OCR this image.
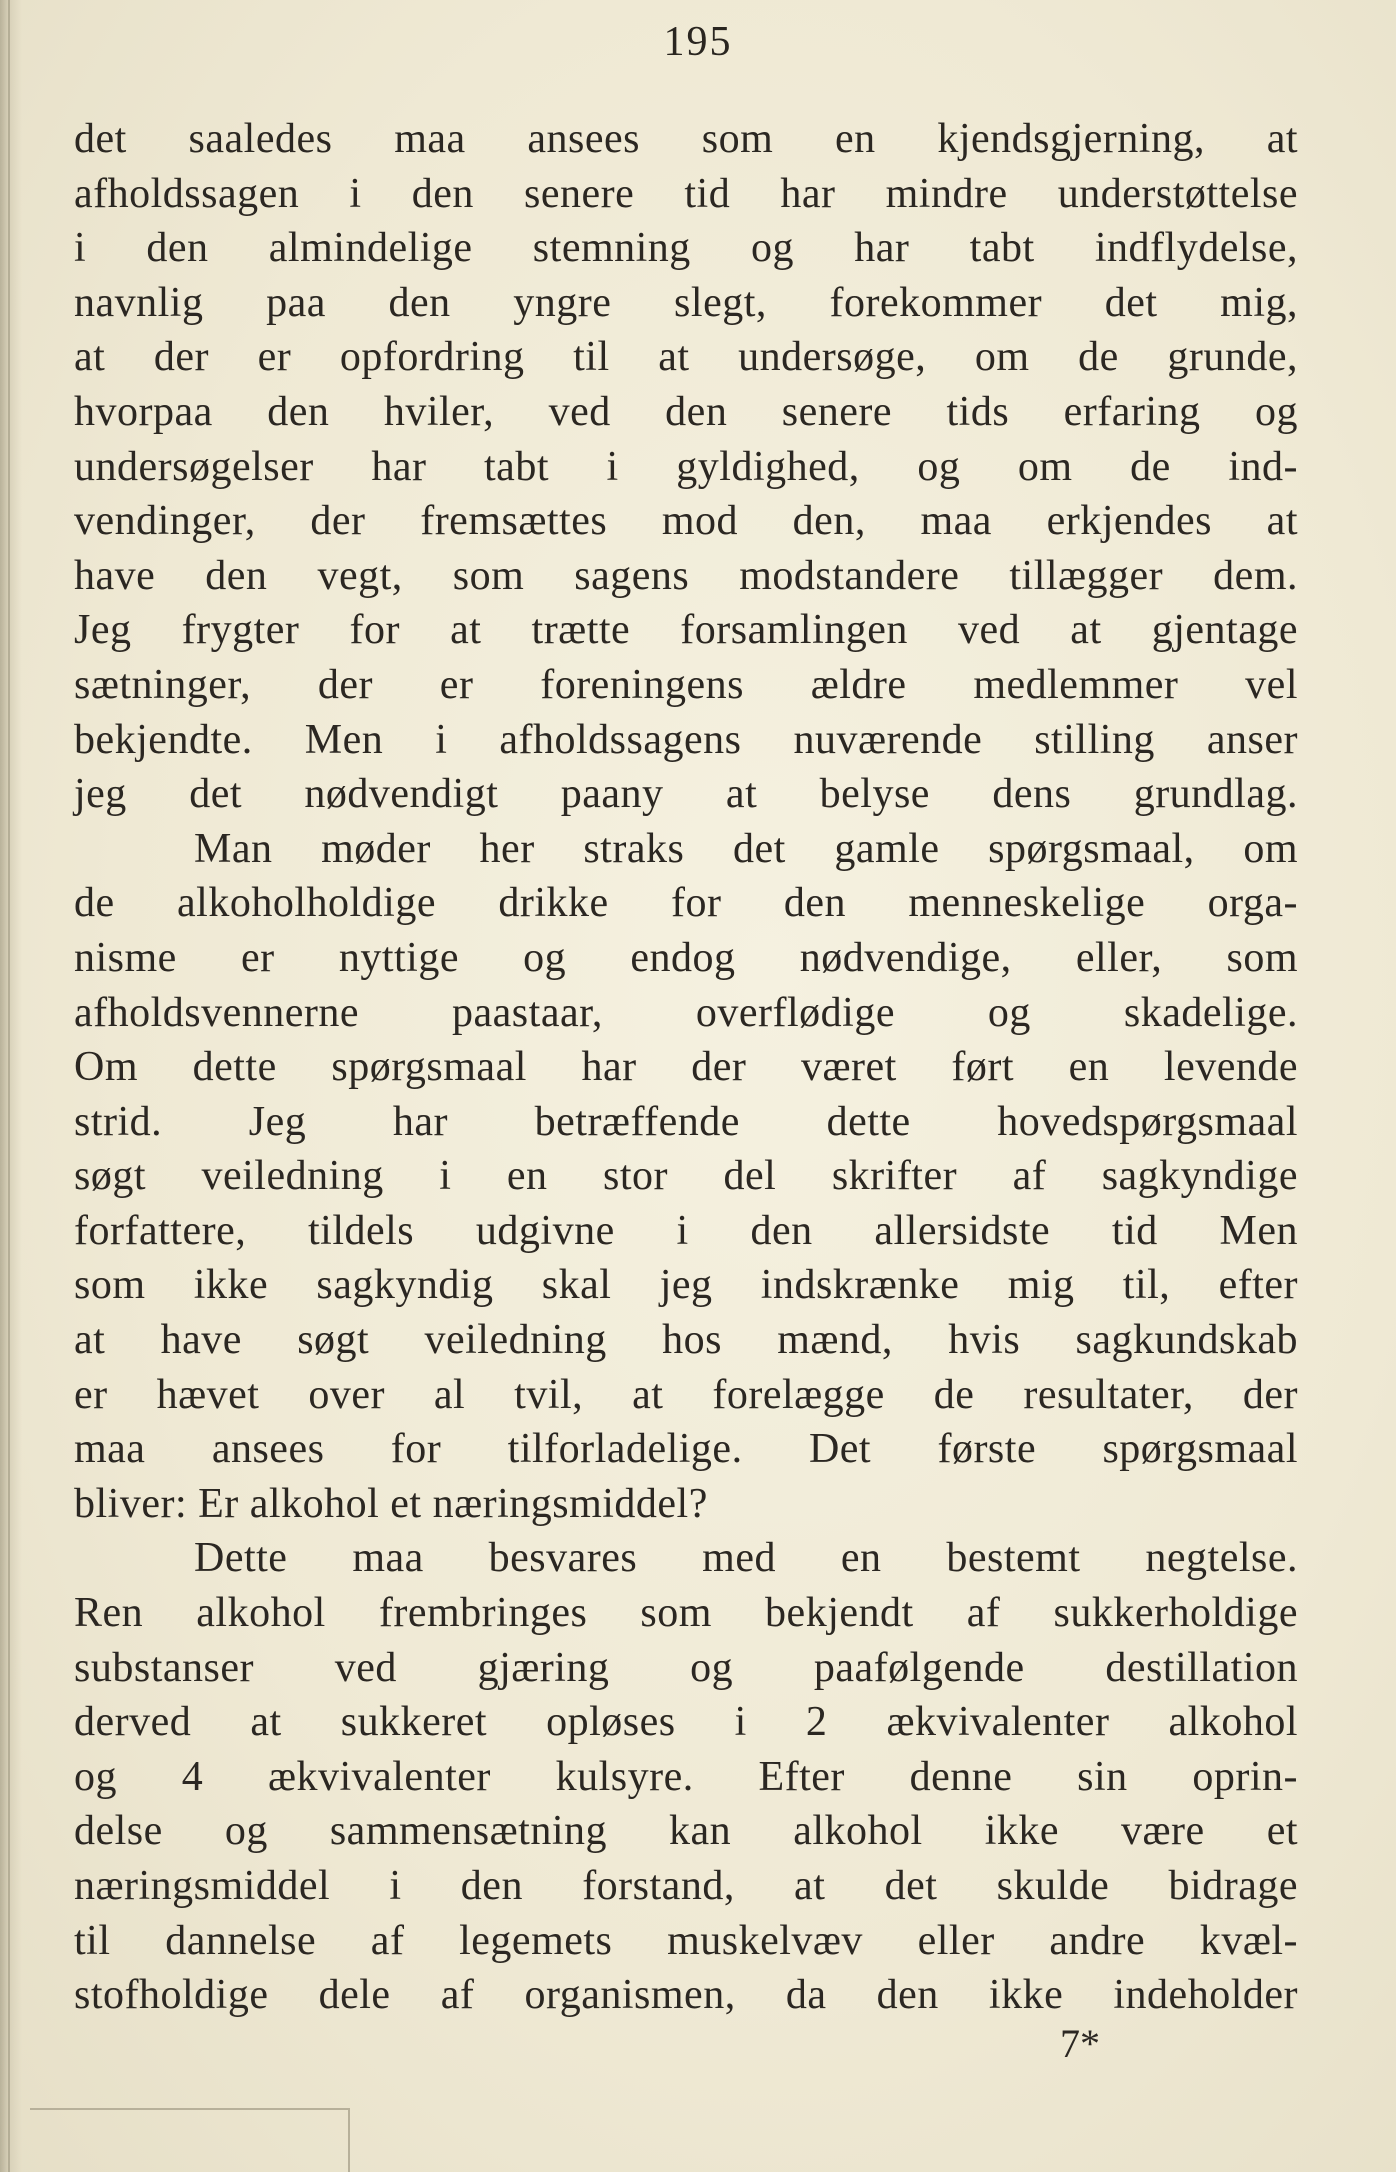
195
det saaledes maa ansees som en kjendsgjerning, at
afholdssagen i den senere tid har mindre understøttelse
i den almindelige stemning og har tabt indflydelse,
navnlig paa den yngre slegt, forekommer det mig,
at der er opfordring til at undersøge, om de grunde,
hvorpaa den hviler, ved den senere tids erfaring og
undersøgelser har tabt i gyldighed, og om de ind-
vendinger, der fremsættes mod den, maa erkjendes at
have den vegt, som sagens modstandere tillægger dem.
Jeg frygter for at trætte forsamlingen ved at gjentage
sætninger, der er foreningens ældre medlemmer vel
bekjendte. Men i afholdssagens nuværende stilling anser
jeg det nødvendigt paany at belyse dens grundlag.
Man møder her straks det gamle spørgsmaal, om
de alkoholholdige drikke for den menneskelige orga-
nisme er nyttige og endog nødvendige, eller, som
afholdsvennerne paastaar, overflødige og skadelige.
Om dette spørgsmaal har der været ført en levende
strid. Jeg har betræffende dette hovedspørgsmaal
søgt veiledning i en stor del skrifter af sagkyndige
forfattere, tildels udgivne i den allersidste tid Men
som ikke sagkyndig skal jeg indskrænke mig til, efter
at have søgt veiledning hos mænd, hvis sagkundskab
er hævet over al tvil, at forelægge de resultater, der
maa ansees for tilforladelige. Det første spørgsmaal
bliver: Er alkohol et næringsmiddel?
Dette maa besvares med en bestemt negtelse.
Ren alkohol frembringes som bekjendt af sukkerholdige
substanser ved gjæring og paafølgende destillation
derved at sukkeret opløses i 2 ækvivalenter alkohol
og 4 ækvivalenter kulsyre. Efter denne sin oprin-
delse og sammensætning kan alkohol ikke være et
næringsmiddel i den forstand, at det skulde bidrage
til dannelse af legemets muskelvæv eller andre kvæl-
stofholdige dele af organismen, da den ikke indeholder
7*
